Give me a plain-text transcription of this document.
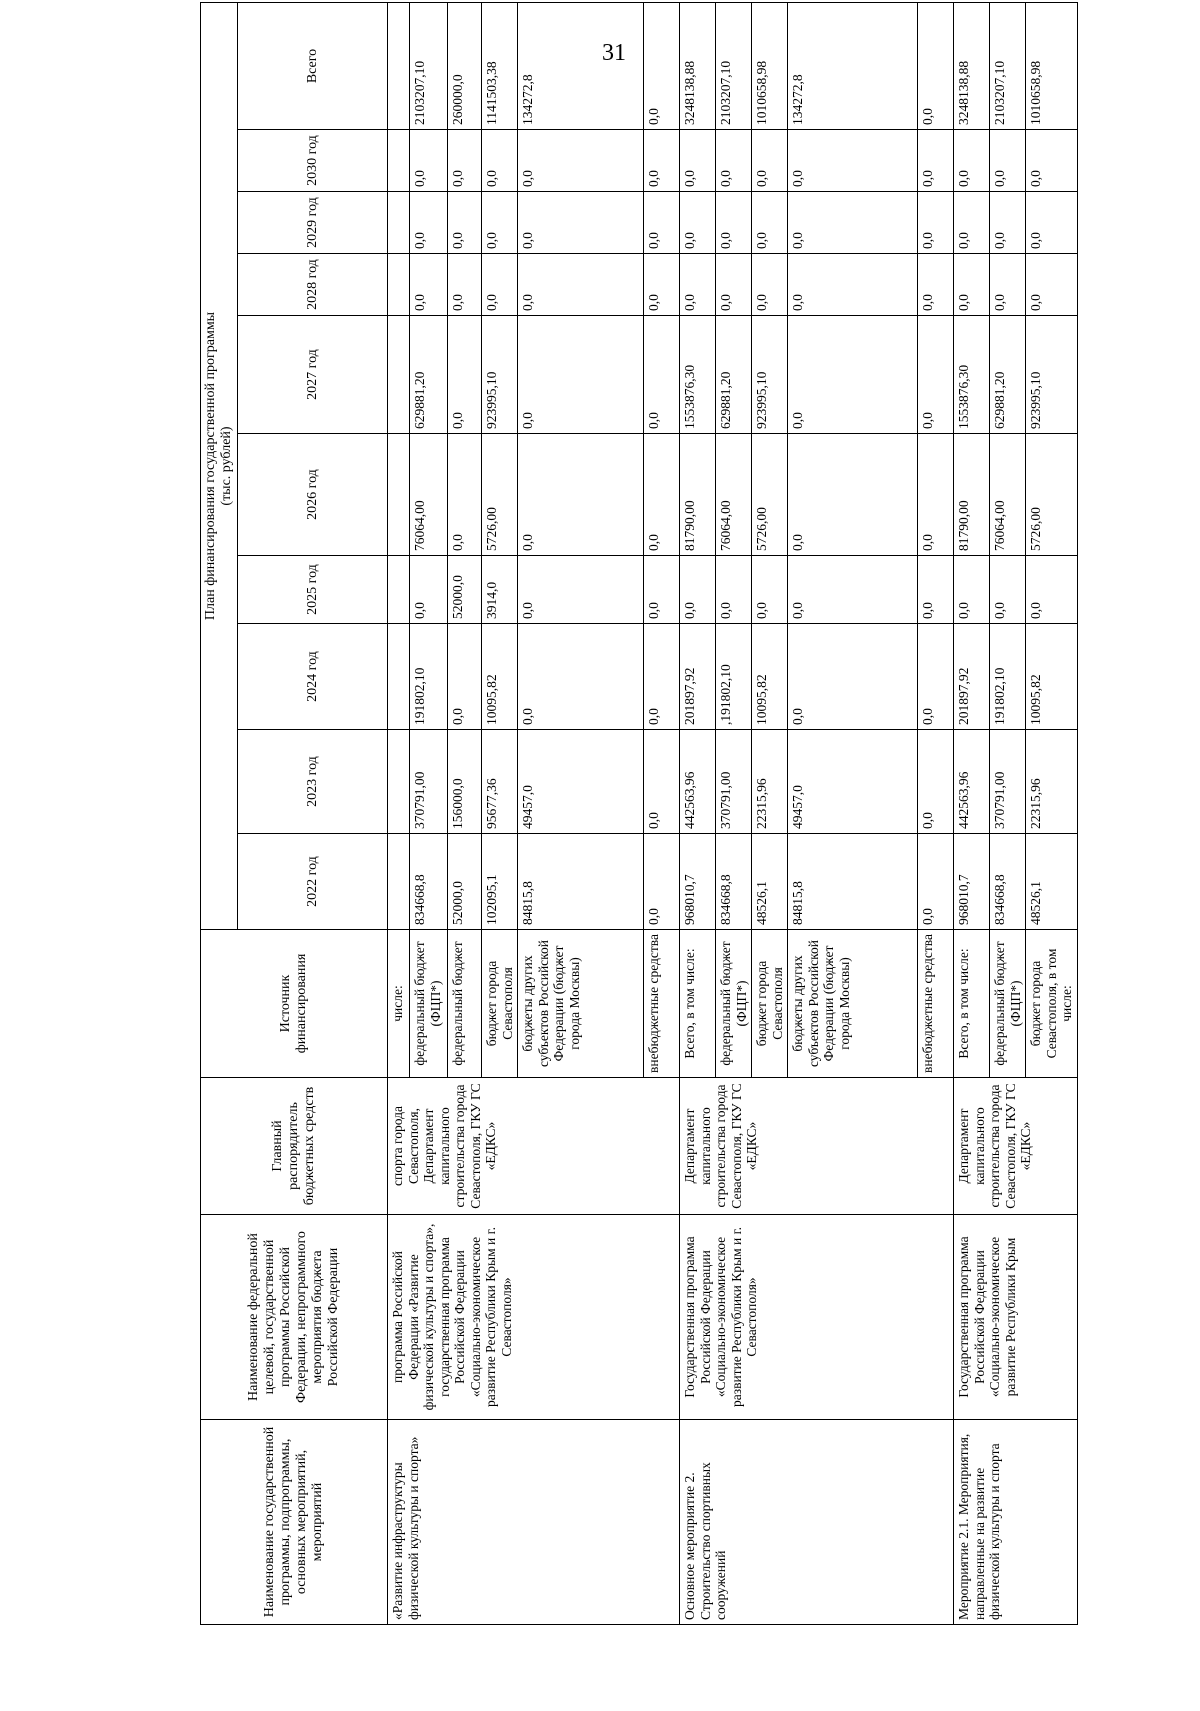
31
Наименование государственной программы, подпрограммы, основных мероприятий, мероприятий	Наименование федеральной целевой, государственной программы Российской Федерации, непрограммного мероприятия бюджета Российской Федерации	Главный распорядитель бюджетных средств	Источник финансирования	План финансирования государственной программы
(тыс. рублей)									
				2022 год	2023 год	2024 год	2025 год	2026 год	2027 год	2028 год	2029 год	2030 год	Всего
«Развитие инфраструктуры физической культуры и спорта»	программа Российской Федерации «Развитие физической культуры и спорта», государственная программа Российской Федерации «Социально-экономическое развитие Республики Крым и г. Севастополя»	спорта города Севастополя, Департамент капитального строительства города Севастополя, ГКУ ГС «ЕДКС»	числе:										
			федеральный бюджет (ФЦП*)	834668,8	370791,00	191802,10	0,0	76064,00	629881,20	0,0	0,0	0,0	2103207,10
			федеральный бюджет	52000,0	156000,0	0,0	52000,0	0,0	0,0	0,0	0,0	0,0	260000,0
			бюджет города Севастополя	102095,1	95677,36	10095,82	3914,0	5726,00	923995,10	0,0	0,0	0,0	1141503,38
			бюджеты других субъектов Российской Федерации (бюджет города Москвы)	84815,8	49457,0	0,0	0,0	0,0	0,0	0,0	0,0	0,0	134272,8
			внебюджетные средства	0,0	0,0	0,0	0,0	0,0	0,0	0,0	0,0	0,0	0,0
Основное мероприятие 2. Строительство спортивных сооружений	Государственная программа Российской Федерации «Социально-экономическое развитие Республики Крым и г. Севастополя»	Департамент капитального строительства города Севастополя, ГКУ ГС «ЕДКС»	Всего, в том числе:	968010,7	442563,96	201897,92	0,0	81790,00	1553876,30	0,0	0,0	0,0	3248138,88
			федеральный бюджет (ФЦП*)	834668,8	370791,00	,191802,10	0,0	76064,00	629881,20	0,0	0,0	0,0	2103207,10
			бюджет города Севастополя	48526,1	22315,96	10095,82	0,0	5726,00	923995,10	0,0	0,0	0,0	1010658,98
			бюджеты других субъектов Российской Федерации (бюджет города Москвы)	84815,8	49457,0	0,0	0,0	0,0	0,0	0,0	0,0	0,0	134272,8
			внебюджетные средства	0,0	0,0	0,0	0,0	0,0	0,0	0,0	0,0	0,0	0,0
Мероприятие 2.1. Мероприятия, направленные на развитие физической культуры и спорта	Государственная программа Российской Федерации «Социально-экономическое развитие Республики Крым	Департамент капитального строительства города Севастополя, ГКУ ГС «ЕДКС»	Всего, в том числе:	968010,7	442563,96	201897,92	0,0	81790,00	1553876,30	0,0	0,0	0,0	3248138,88
			федеральный бюджет (ФЦП*)	834668,8	370791,00	191802,10	0,0	76064,00	629881,20	0,0	0,0	0,0	2103207,10
			бюджет города Севастополя, в том числе:	48526,1	22315,96	10095,82	0,0	5726,00	923995,10	0,0	0,0	0,0	1010658,98
